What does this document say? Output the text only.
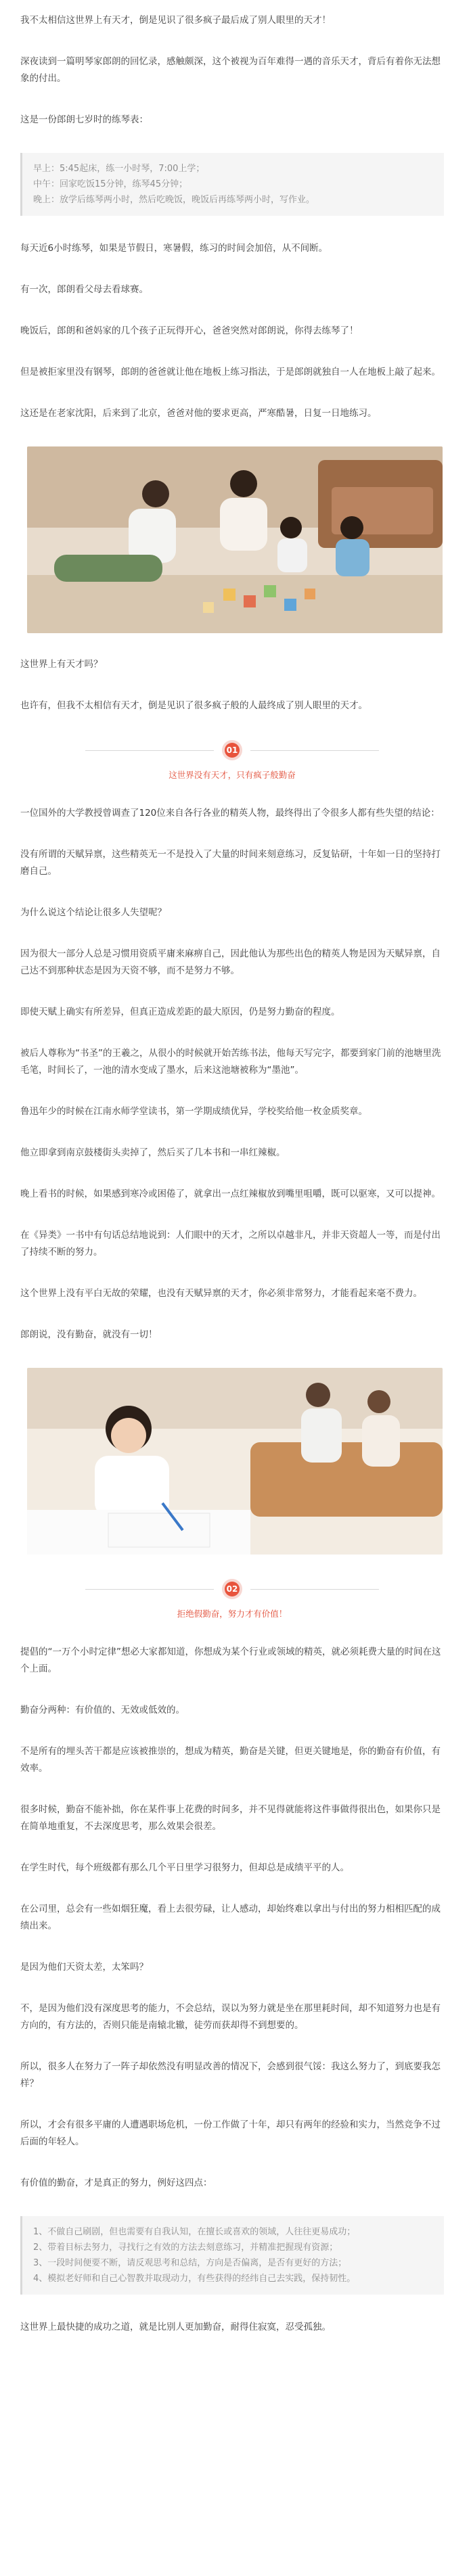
我不太相信这世界上有天才，倒是见识了很多疯子最后成了别人眼里的天才！

深夜读到一篇明琴家郎朗的回忆录，感触颇深，这个被视为百年难得一遇的音乐天才，背后有着你无法想象的付出。

这是一份郎朗七岁时的练琴表：

早上：5:45起床，练一小时琴，7:00上学；
中午：回家吃饭15分钟，练琴45分钟；
晚上：放学后练琴两小时，然后吃晚饭，晚饭后再练琴两小时，写作业。

每天近6小时练琴，如果是节假日，寒暑假，练习的时间会加倍，从不间断。

有一次，郎朗看父母去看球赛。

晚饭后，郎朗和爸妈家的几个孩子正玩得开心，爸爸突然对郎朗说，你得去练琴了！

但是被拒家里没有钢琴，郎朗的爸爸就让他在地板上练习指法，于是郎朗就独自一人在地板上敲了起来。

这还是在老家沈阳，后来到了北京，爸爸对他的要求更高，严寒酷暑，日复一日地练习。

这世界上有天才吗？

也许有，但我不太相信有天才，倒是见识了很多疯子般的人最终成了别人眼里的天才。

01
这世界没有天才，只有疯子般勤奋

一位国外的大学教授曾调查了120位来自各行各业的精英人物，最终得出了令很多人都有些失望的结论：

没有所谓的天赋异禀，这些精英无一不是投入了大量的时间来刻意练习，反复钻研，十年如一日的坚持打磨自己。

为什么说这个结论让很多人失望呢？

因为很大一部分人总是习惯用资质平庸来麻痹自己，因此他认为那些出色的精英人物是因为天赋异禀，自己达不到那种状态是因为天资不够，而不是努力不够。

即使天赋上确实有所差异，但真正造成差距的最大原因，仍是努力勤奋的程度。

被后人尊称为“书圣”的王羲之，从很小的时候就开始苦练书法，他每天写完字，都要到家门前的池塘里洗毛笔，时间长了，一池的清水变成了墨水，后来这池塘被称为“墨池”。

鲁迅年少的时候在江南水师学堂读书，第一学期成绩优异，学校奖给他一枚金质奖章。

他立即拿到南京鼓楼街头卖掉了，然后买了几本书和一串红辣椒。

晚上看书的时候，如果感到寒冷或困倦了，就拿出一点红辣椒放到嘴里咀嚼，既可以驱寒，又可以提神。

在《异类》一书中有句话总结地说到：人们眼中的天才，之所以卓越非凡，并非天资超人一等，而是付出了持续不断的努力。

这个世界上没有平白无故的荣耀，也没有天赋异禀的天才，你必须非常努力，才能看起来毫不费力。

郎朗说，没有勤奋，就没有一切！

02
拒绝假勤奋，努力才有价值！

提倡的“一万个小时定律”想必大家都知道，你想成为某个行业或领域的精英，就必须耗费大量的时间在这个上面。

勤奋分两种：有价值的、无效或低效的。

不是所有的埋头苦干都是应该被推崇的，想成为精英，勤奋是关键，但更关键地是，你的勤奋有价值，有效率。

很多时候，勤奋不能补拙，你在某件事上花费的时间多，并不见得就能将这件事做得很出色，如果你只是在简单地重复，不去深度思考，那么效果会很差。

在学生时代，每个班级都有那么几个平日里学习很努力，但却总是成绩平平的人。

在公司里，总会有一些如烟狂魔，看上去很劳碌，让人感动，却始终难以拿出与付出的努力相相匹配的成绩出来。

是因为他们天资太差，太笨吗？

不，是因为他们没有深度思考的能力，不会总结，误以为努力就是坐在那里耗时间，却不知道努力也是有方向的，有方法的，否则只能是南辕北辙，徒劳而获却得不到想要的。

所以，很多人在努力了一阵子却依然没有明显改善的情况下，会感到很气馁：我这么努力了，到底要我怎样？

所以，才会有很多平庸的人遭遇职场危机，一份工作做了十年，却只有两年的经验和实力，当然竞争不过后面的年轻人。

有价值的勤奋，才是真正的努力，例好这四点：

1、不做自己刷剧，但也需要有自我认知，在擅长或喜欢的领域，人往往更易成功；
2、带着目标去努力，寻找行之有效的方法去刻意练习，并精准把握现有资源；
3、一段时间便要不断，请反观思考和总结，方向是否偏离，是否有更好的方法；
4、模拟老好师和自己心智教并取现动力，有些获得的经纬自己去实践，保持韧性。

这世界上最快捷的成功之道，就是比别人更加勤奋，耐得住寂寞，忍受孤独。
